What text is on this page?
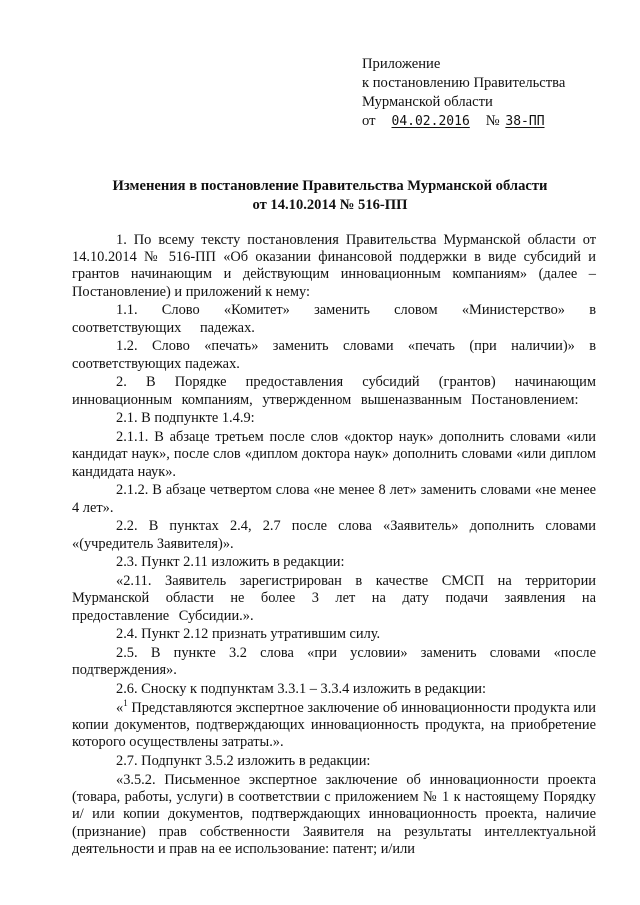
Приложение
к постановлению Правительства
Мурманской области
от 04.02.2016 № 38-ПП
Изменения в постановление Правительства Мурманской области
от 14.10.2014 № 516-ПП

1. По всему тексту постановления Правительства Мурманской области от 14.10.2014 № 516-ПП «Об оказании финансовой поддержки в виде субсидий и грантов начинающим и действующим инновационным компаниям» (далее – Постановление) и приложений к нему:

1.1. Слово «Комитет» заменить словом «Министерство» в соответствующих падежах.

1.2. Слово «печать» заменить словами «печать (при наличии)» в соответствующих падежах.

2. В Порядке предоставления субсидий (грантов) начинающим инновационным компаниям, утвержденном вышеназванным Постановлением:

2.1. В подпункте 1.4.9:

2.1.1. В абзаце третьем после слов «доктор наук» дополнить словами «или кандидат наук», после слов «диплом доктора наук» дополнить словами «или диплом кандидата наук».

2.1.2. В абзаце четвертом слова «не менее 8 лет» заменить словами «не менее 4 лет».

2.2. В пунктах 2.4, 2.7 после слова «Заявитель» дополнить словами «(учредитель Заявителя)».

2.3. Пункт 2.11 изложить в редакции:

«2.11. Заявитель зарегистрирован в качестве СМСП на территории Мурманской области не более 3 лет на дату подачи заявления на предоставление Субсидии.».

2.4. Пункт 2.12 признать утратившим силу.

2.5. В пункте 3.2 слова «при условии» заменить словами «после подтверждения».

2.6. Сноску к подпунктам 3.3.1 – 3.3.4 изложить в редакции:

«$^1$ Представляются экспертное заключение об инновационности продукта или копии документов, подтверждающих инновационность продукта, на приобретение которого осуществлены затраты.».

2.7. Подпункт 3.5.2 изложить в редакции:

«3.5.2. Письменное экспертное заключение об инновационности проекта (товара, работы, услуги) в соответствии с приложением № 1 к настоящему Порядку и/ или копии документов, подтверждающих инновационность проекта, наличие (признание) прав собственности Заявителя на результаты интеллектуальной деятельности и прав на ее использование: патент; и/или
